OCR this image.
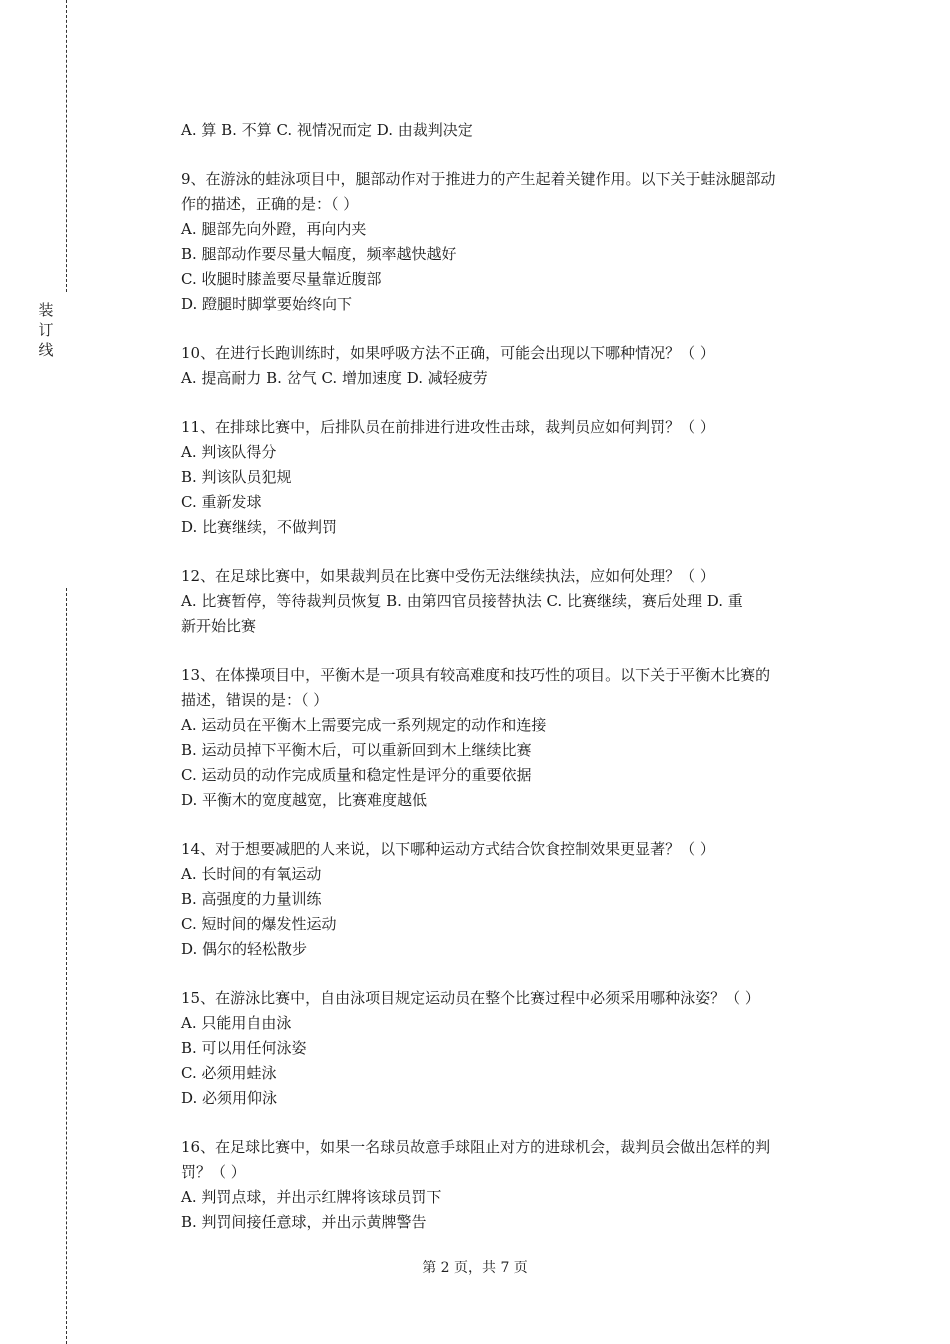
装
订
线
A. 算 B. 不算 C. 视情况而定 D. 由裁判决定
9、在游泳的蛙泳项目中，腿部动作对于推进力的产生起着关键作用。以下关于蛙泳腿部动
作的描述，正确的是：（ ）
A. 腿部先向外蹬，再向内夹
B. 腿部动作要尽量大幅度，频率越快越好
C. 收腿时膝盖要尽量靠近腹部
D. 蹬腿时脚掌要始终向下
10、在进行长跑训练时，如果呼吸方法不正确，可能会出现以下哪种情况？（ ）
A. 提高耐力 B. 岔气 C. 增加速度 D. 减轻疲劳
11、在排球比赛中，后排队员在前排进行进攻性击球，裁判员应如何判罚？（ ）
A. 判该队得分
B. 判该队员犯规
C. 重新发球
D. 比赛继续，不做判罚
12、在足球比赛中，如果裁判员在比赛中受伤无法继续执法，应如何处理？（ ）
A. 比赛暂停，等待裁判员恢复 B. 由第四官员接替执法 C. 比赛继续，赛后处理 D. 重
新开始比赛
13、在体操项目中，平衡木是一项具有较高难度和技巧性的项目。以下关于平衡木比赛的
描述，错误的是：（ ）
A. 运动员在平衡木上需要完成一系列规定的动作和连接
B. 运动员掉下平衡木后，可以重新回到木上继续比赛
C. 运动员的动作完成质量和稳定性是评分的重要依据
D. 平衡木的宽度越宽，比赛难度越低
14、对于想要减肥的人来说，以下哪种运动方式结合饮食控制效果更显著？（ ）
A. 长时间的有氧运动
B. 高强度的力量训练
C. 短时间的爆发性运动
D. 偶尔的轻松散步
15、在游泳比赛中，自由泳项目规定运动员在整个比赛过程中必须采用哪种泳姿？（ ）
A. 只能用自由泳
B. 可以用任何泳姿
C. 必须用蛙泳
D. 必须用仰泳
16、在足球比赛中，如果一名球员故意手球阻止对方的进球机会，裁判员会做出怎样的判
罚？（ ）
A. 判罚点球，并出示红牌将该球员罚下
B. 判罚间接任意球，并出示黄牌警告
第 2 页，共 7 页
